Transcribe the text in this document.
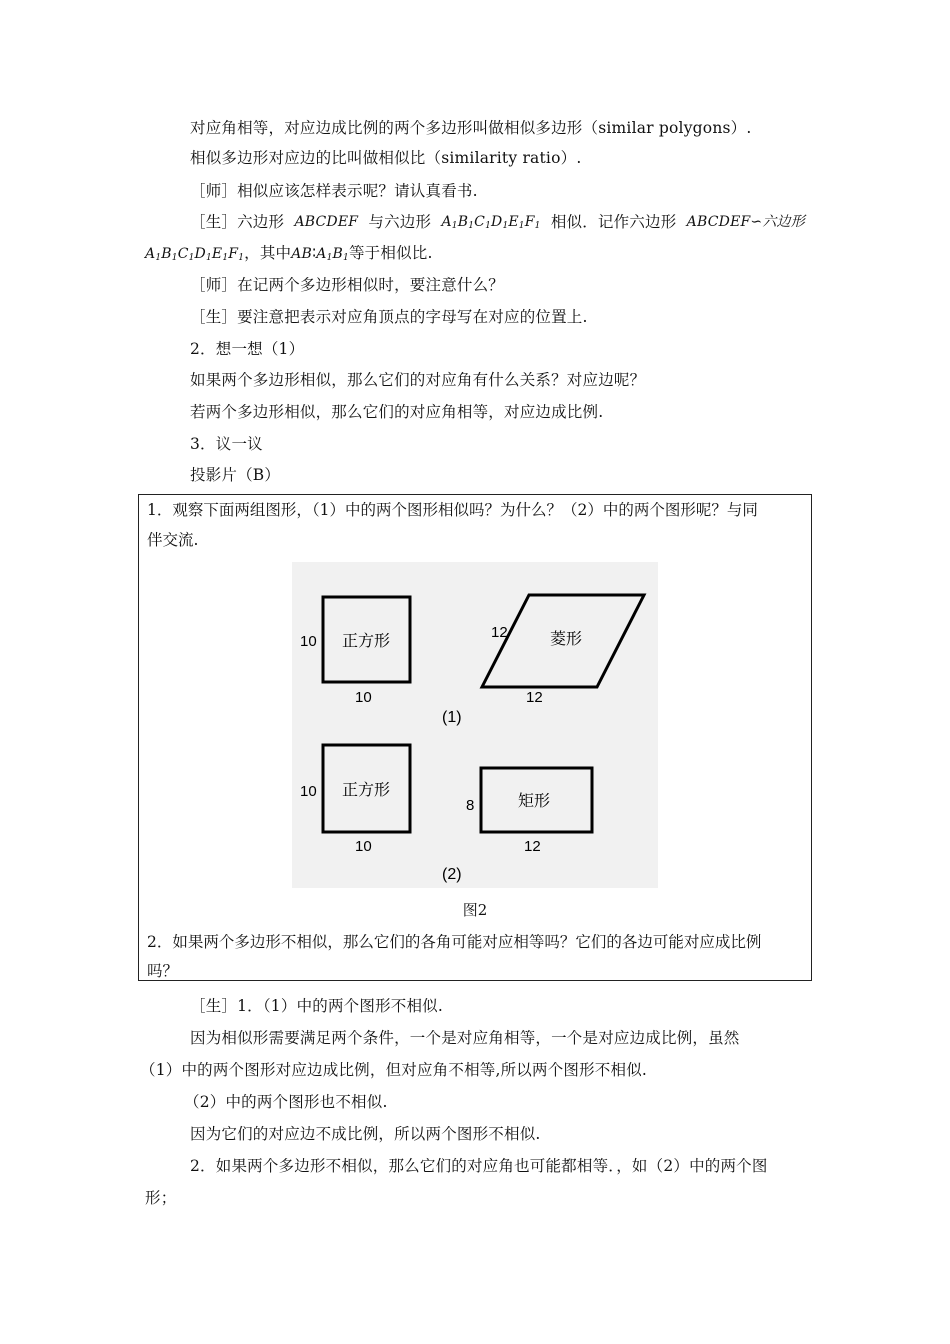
对应角相等，对应边成比例的两个多边形叫做相似多边形（similar polygons）.
相似多边形对应边的比叫做相似比（similarity ratio）.
［师］相似应该怎样表示呢？请认真看书.
［生］六边形 ABCDEF 与六边形 $A_1B_1C_1D_1E_1F_1$ 相似．记作六边形 ABCDEF∽六边形
$A_1B_1C_1D_1E_1F_1$，其中$AB∶A_1B_1$等于相似比.
［师］在记两个多边形相似时，要注意什么？
［生］要注意把表示对应角顶点的字母写在对应的位置上.
2．想一想（1）
如果两个多边形相似，那么它们的对应角有什么关系？对应边呢？
若两个多边形相似，那么它们的对应角相等，对应边成比例.
3．议一议
投影片（B）
1．观察下面两组图形，（1）中的两个图形相似吗？为什么？（2）中的两个图形呢？与同
伴交流.
2．如果两个多边形不相似，那么它们的各角可能对应相等吗？它们的各边可能对应成比例
吗？
正方形
10
10
菱形
12
12
(1)
正方形
10
10
矩形
8
12
(2)
图2
［生］1．（1）中的两个图形不相似.
因为相似形需要满足两个条件，一个是对应角相等，一个是对应边成比例，虽然
（1）中的两个图形对应边成比例，但对应角不相等,所以两个图形不相似.
（2）中的两个图形也不相似.
因为它们的对应边不成比例，所以两个图形不相似.
2．如果两个多边形不相似，那么它们的对应角也可能都相等．，如（2）中的两个图
形；
